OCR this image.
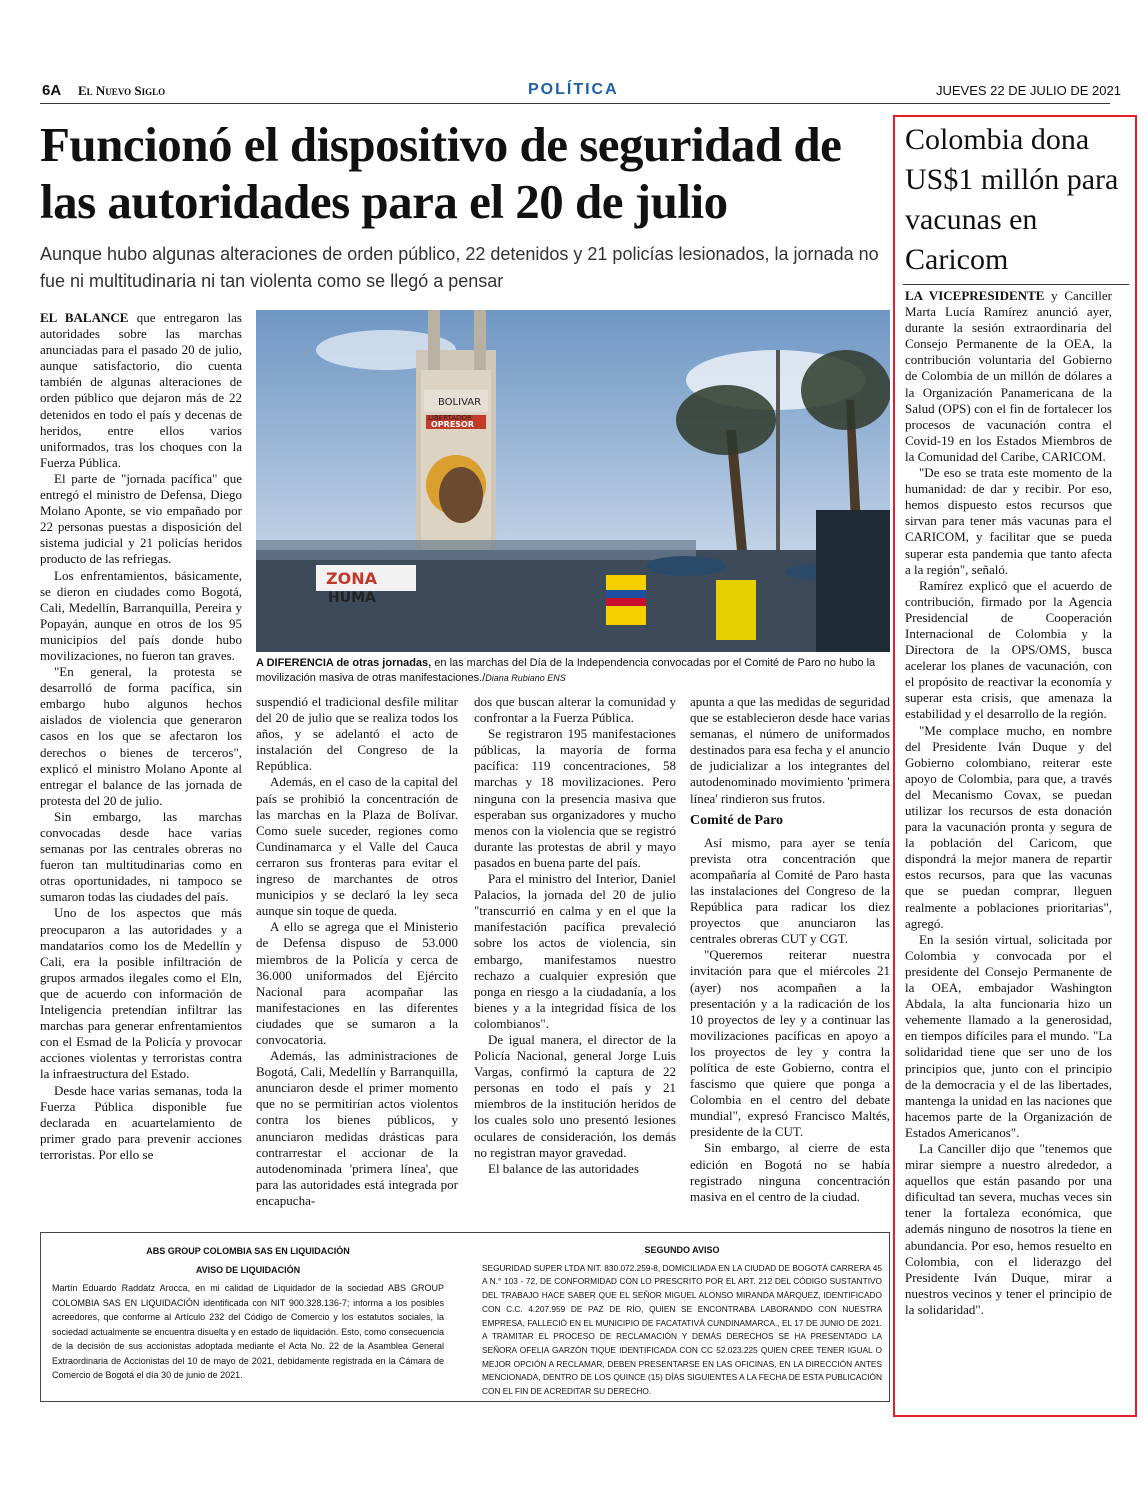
6A El Nuevo Siglo	POLÍTICA	JUEVES 22 DE JULIO DE 2021
Funcionó el dispositivo de seguridad de las autoridades para el 20 de julio
Aunque hubo algunas alteraciones de orden público, 22 detenidos y 21 policías lesionados, la jornada no fue ni multitudinaria ni tan violenta como se llegó a pensar

EL BALANCE que entregaron las autoridades sobre las marchas anunciadas para el pasado 20 de julio, aunque satisfactorio, dio cuenta también de algunas alteraciones de orden público que dejaron más de 22 detenidos en todo el país y decenas de heridos, entre ellos varios uniformados, tras los choques con la Fuerza Pública.

El parte de "jornada pacífica" que entregó el ministro de Defensa, Diego Molano Aponte, se vio empañado por 22 personas puestas a disposición del sistema judicial y 21 policías heridos producto de las refriegas.

Los enfrentamientos, básicamente, se dieron en ciudades como Bogotá, Cali, Medellín, Barranquilla, Pereira y Popayán, aunque en otros de los 95 municipios del país donde hubo movilizaciones, no fueron tan graves.

"En general, la protesta se desarrolló de forma pacífica, sin embargo hubo algunos hechos aislados de violencia que generaron casos en los que se afectaron los derechos o bienes de terceros", explicó el ministro Molano Aponte al entregar el balance de las jornada de protesta del 20 de julio.

Sin embargo, las marchas convocadas desde hace varias semanas por las centrales obreras no fueron tan multitudinarias como en otras oportunidades, ni tampoco se sumaron todas las ciudades del país.

Uno de los aspectos que más preocuparon a las autoridades y a mandatarios como los de Medellín y Cali, era la posible infiltración de grupos armados ilegales como el Eln, que de acuerdo con información de Inteligencia pretendían infiltrar las marchas para generar enfrentamientos con el Esmad de la Policía y provocar acciones violentas y terroristas contra la infraestructura del Estado.

Desde hace varias semanas, toda la Fuerza Pública disponible fue declarada en acuartelamiento de primer grado para prevenir acciones terroristas. Por ello se

BOLIVAR
LIBERTADOR
OPRESOR
ZONA
HUMA
A DIFERENCIA de otras jornadas, en las marchas del Día de la Independencia convocadas por el Comité de Paro no hubo la movilización masiva de otras manifestaciones./Diana Rubiano ENS

suspendió el tradicional desfile militar del 20 de julio que se realiza todos los años, y se adelantó el acto de instalación del Congreso de la República.

Además, en el caso de la capital del país se prohibió la concentración de las marchas en la Plaza de Bolívar. Como suele suceder, regiones como Cundinamarca y el Valle del Cauca cerraron sus fronteras para evitar el ingreso de marchantes de otros municipios y se declaró la ley seca aunque sin toque de queda.

A ello se agrega que el Ministerio de Defensa dispuso de 53.000 miembros de la Policía y cerca de 36.000 uniformados del Ejército Nacional para acompañar las manifestaciones en las diferentes ciudades que se sumaron a la convocatoria.

Además, las administraciones de Bogotá, Cali, Medellín y Barranquilla, anunciaron desde el primer momento que no se permitirían actos violentos contra los bienes públicos, y anunciaron medidas drásticas para contrarrestar el accionar de la autodenominada 'primera línea', que para las autoridades está integrada por encapucha-

dos que buscan alterar la comunidad y confrontar a la Fuerza Pública.

Se registraron 195 manifestaciones públicas, la mayoría de forma pacífica: 119 concentraciones, 58 marchas y 18 movilizaciones. Pero ninguna con la presencia masiva que esperaban sus organizadores y mucho menos con la violencia que se registró durante las protestas de abril y mayo pasados en buena parte del país.

Para el ministro del Interior, Daniel Palacios, la jornada del 20 de julio "transcurrió en calma y en el que la manifestación pacífica prevaleció sobre los actos de violencia, sin embargo, manifestamos nuestro rechazo a cualquier expresión que ponga en riesgo a la ciudadanía, a los bienes y a la integridad física de los colombianos".

De igual manera, el director de la Policía Nacional, general Jorge Luis Vargas, confirmó la captura de 22 personas en todo el país y 21 miembros de la institución heridos de los cuales solo uno presentó lesiones oculares de consideración, los demás no registran mayor gravedad.

El balance de las autoridades

apunta a que las medidas de seguridad que se establecieron desde hace varias semanas, el número de uniformados destinados para esa fecha y el anuncio de judicializar a los integrantes del autodenominado movimiento 'primera línea' rindieron sus frutos.

Comité de Paro

Así mismo, para ayer se tenía prevista otra concentración que acompañaría al Comité de Paro hasta las instalaciones del Congreso de la República para radicar los diez proyectos que anunciaron las centrales obreras CUT y CGT.

"Queremos reiterar nuestra invitación para que el miércoles 21 (ayer) nos acompañen a la presentación y a la radicación de los 10 proyectos de ley y a continuar las movilizaciones pacíficas en apoyo a los proyectos de ley y contra la política de este Gobierno, contra el fascismo que quiere que ponga a Colombia en el centro del debate mundial", expresó Francisco Maltés, presidente de la CUT.

Sin embargo, al cierre de esta edición en Bogotá no se había registrado ninguna concentración masiva en el centro de la ciudad.

Colombia dona US$1 millón para vacunas en Caricom

LA VICEPRESIDENTE y Canciller Marta Lucía Ramírez anunció ayer, durante la sesión extraordinaria del Consejo Permanente de la OEA, la contribución voluntaria del Gobierno de Colombia de un millón de dólares a la Organización Panamericana de la Salud (OPS) con el fin de fortalecer los procesos de vacunación contra el Covid-19 en los Estados Miembros de la Comunidad del Caribe, CARICOM.

"De eso se trata este momento de la humanidad: de dar y recibir. Por eso, hemos dispuesto estos recursos que sirvan para tener más vacunas para el CARICOM, y facilitar que se pueda superar esta pandemia que tanto afecta a la región", señaló.

Ramírez explicó que el acuerdo de contribución, firmado por la Agencia Presidencial de Cooperación Internacional de Colombia y la Directora de la OPS/OMS, busca acelerar los planes de vacunación, con el propósito de reactivar la economía y superar esta crisis, que amenaza la estabilidad y el desarrollo de la región.

"Me complace mucho, en nombre del Presidente Iván Duque y del Gobierno colombiano, reiterar este apoyo de Colombia, para que, a través del Mecanismo Covax, se puedan utilizar los recursos de esta donación para la vacunación pronta y segura de la población del Caricom, que dispondrá la mejor manera de repartir estos recursos, para que las vacunas que se puedan comprar, lleguen realmente a poblaciones prioritarias", agregó.

En la sesión virtual, solicitada por Colombia y convocada por el presidente del Consejo Permanente de la OEA, embajador Washington Abdala, la alta funcionaria hizo un vehemente llamado a la generosidad, en tiempos difíciles para el mundo. "La solidaridad tiene que ser uno de los principios que, junto con el principio de la democracia y el de las libertades, mantenga la unidad en las naciones que hacemos parte de la Organización de Estados Americanos".

La Canciller dijo que "tenemos que mirar siempre a nuestro alrededor, a aquellos que están pasando por una dificultad tan severa, muchas veces sin tener la fortaleza económica, que además ninguno de nosotros la tiene en abundancia. Por eso, hemos resuelto en Colombia, con el liderazgo del Presidente Iván Duque, mirar a nuestros vecinos y tener el principio de la solidaridad".

ABS GROUP COLOMBIA SAS EN LIQUIDACIÓN
AVISO DE LIQUIDACIÓN

Martín Eduardo Raddatz Arocca, en mi calidad de Liquidador de la sociedad ABS GROUP COLOMBIA SAS EN LIQUIDACIÓN identificada con NIT 900.328.136-7; informa a los posibles acreedores, que conforme al Artículo 232 del Código de Comercio y los estatutos sociales, la sociedad actualmente se encuentra disuelta y en estado de liquidación. Esto, como consecuencia de la decisión de sus accionistas adoptada mediante el Acta No. 22 de la Asamblea General Extraordinaria de Accionistas del 10 de mayo de 2021, debidamente registrada en la Cámara de Comercio de Bogotá el día 30 de junio de 2021.

SEGUNDO AVISO

SEGURIDAD SUPER LTDA NIT. 830.072.259-8, DOMICILIADA EN LA CIUDAD DE BOGOTÁ CARRERA 45 A N.° 103 - 72, DE CONFORMIDAD CON LO PRESCRITO POR EL ART. 212 DEL CÓDIGO SUSTANTIVO DEL TRABAJO HACE SABER QUE EL SEÑOR MIGUEL ALONSO MIRANDA MÁRQUEZ, IDENTIFICADO CON C.C. 4.207.959 DE PAZ DE RÍO, QUIEN SE ENCONTRABA LABORANDO CON NUESTRA EMPRESA, FALLECIÓ EN EL MUNICIPIO DE FACATATIVÁ CUNDINAMARCA., EL 17 DE JUNIO DE 2021. A TRAMITAR EL PROCESO DE RECLAMACIÓN Y DEMÁS DERECHOS SE HA PRESENTADO LA SEÑORA OFELIA GARZÓN TIQUE IDENTIFICADA CON CC 52.023.225 QUIEN CREE TENER IGUAL O MEJOR OPCIÓN A RECLAMAR, DEBEN PRESENTARSE EN LAS OFICINAS, EN LA DIRECCIÓN ANTES MENCIONADA, DENTRO DE LOS QUINCE (15) DÍAS SIGUIENTES A LA FECHA DE ESTA PUBLICACIÓN CON EL FIN DE ACREDITAR SU DERECHO.
